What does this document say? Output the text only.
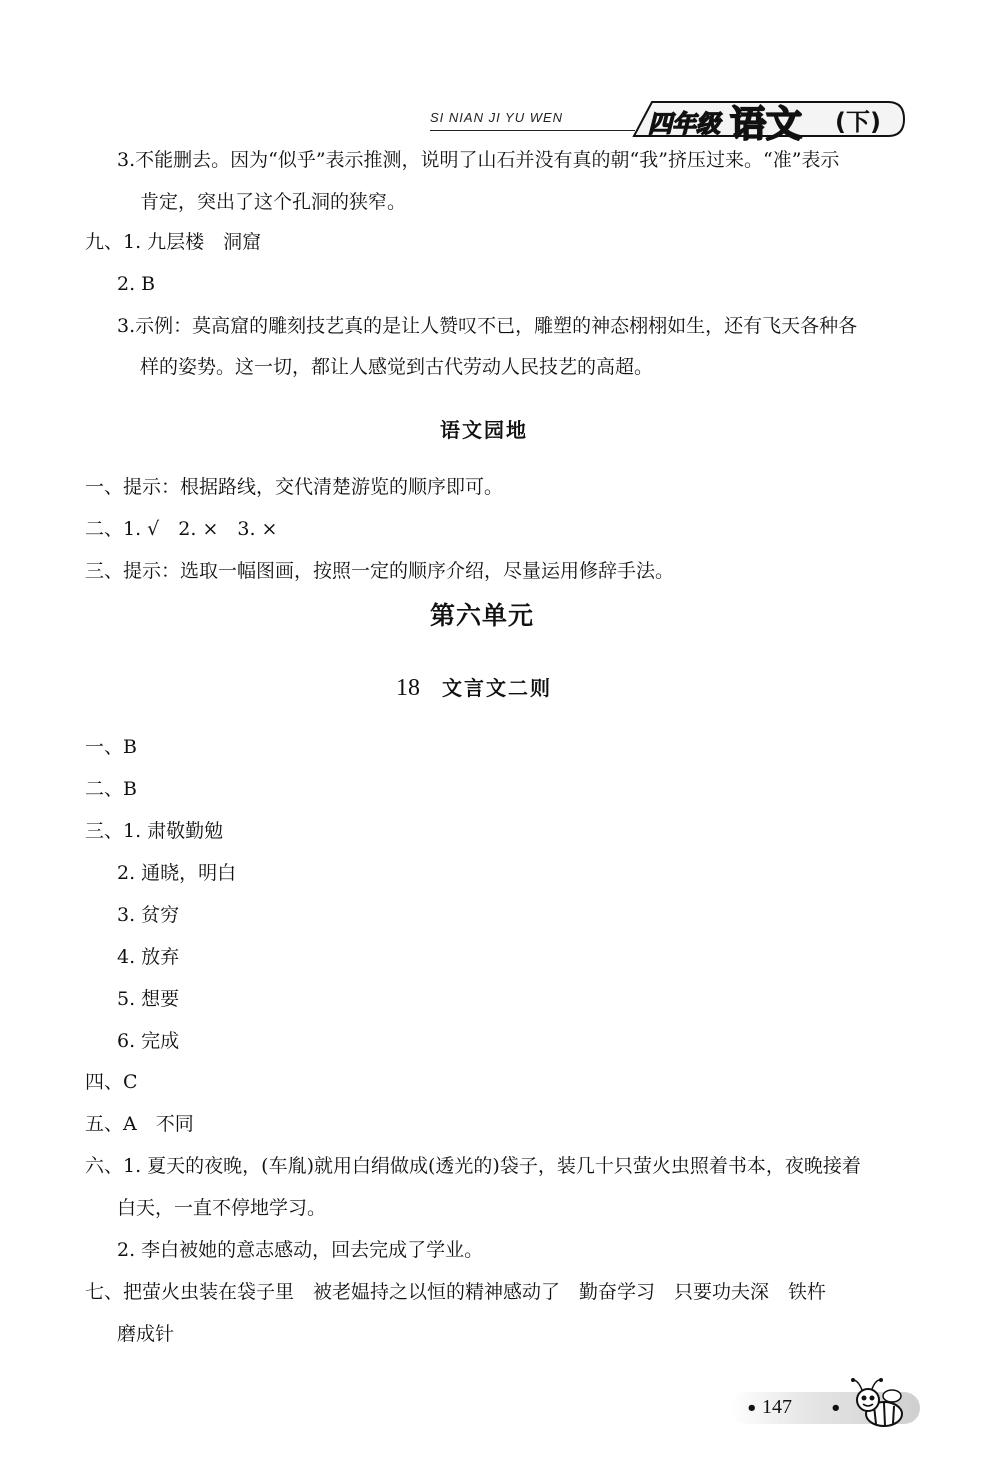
SI NIAN JI YU WEN	四年级 语文 (下)
3.不能删去。因为“似乎”表示推测，说明了山石并没有真的朝“我”挤压过来。“准”表示
肯定，突出了这个孔洞的狭窄。
九、1. 九层楼　洞窟
2. B
3.示例：莫高窟的雕刻技艺真的是让人赞叹不已，雕塑的神态栩栩如生，还有飞天各种各
样的姿势。这一切，都让人感觉到古代劳动人民技艺的高超。
语文园地
一、提示：根据路线，交代清楚游览的顺序即可。
二、1. √　2. ×　3. ×
三、提示：选取一幅图画，按照一定的顺序介绍，尽量运用修辞手法。
第六单元
18 文言文二则
一、B
二、B
三、1. 肃敬勤勉
2. 通晓，明白
3. 贫穷
4. 放弃
5. 想要
6. 完成
四、C
五、A　不同
六、1. 夏天的夜晚，(车胤)就用白绢做成(透光的)袋子，装几十只萤火虫照着书本，夜晚接着
白天，一直不停地学习。
2. 李白被她的意志感动，回去完成了学业。
七、把萤火虫装在袋子里　被老媪持之以恒的精神感动了　勤奋学习　只要功夫深　铁杵
磨成针
• 147 •
